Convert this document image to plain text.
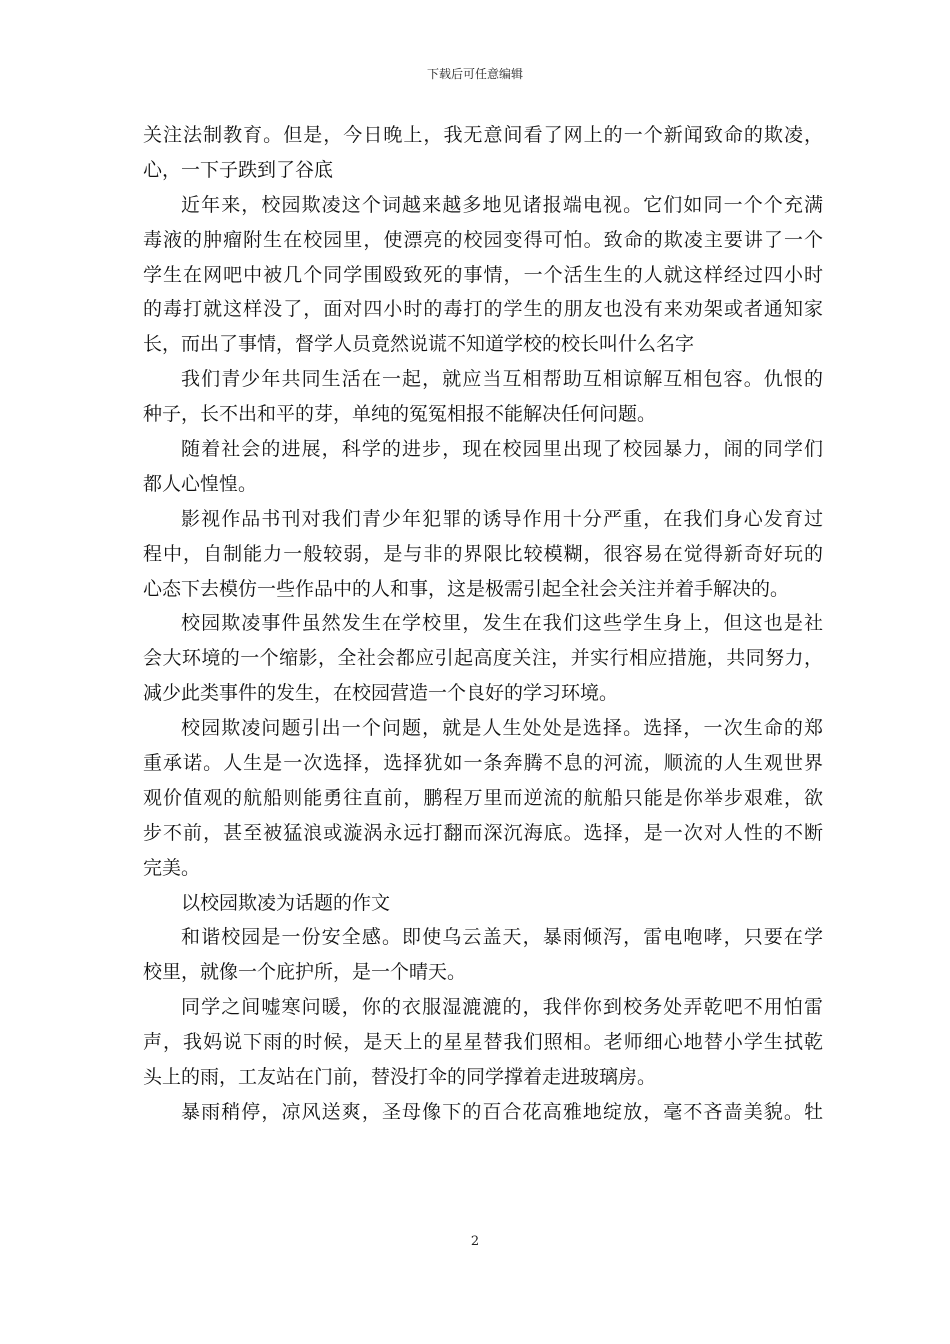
下载后可任意编辑
关注法制教育。但是，今日晚上，我无意间看了网上的一个新闻致命的欺凌，
心，一下子跌到了谷底
近年来，校园欺凌这个词越来越多地见诸报端电视。它们如同一个个充满
毒液的肿瘤附生在校园里，使漂亮的校园变得可怕。致命的欺凌主要讲了一个
学生在网吧中被几个同学围殴致死的事情，一个活生生的人就这样经过四小时
的毒打就这样没了，面对四小时的毒打的学生的朋友也没有来劝架或者通知家
长，而出了事情，督学人员竟然说谎不知道学校的校长叫什么名字
我们青少年共同生活在一起，就应当互相帮助互相谅解互相包容。仇恨的
种子，长不出和平的芽，单纯的冤冤相报不能解决任何问题。
随着社会的进展，科学的进步，现在校园里出现了校园暴力，闹的同学们
都人心惶惶。
影视作品书刊对我们青少年犯罪的诱导作用十分严重，在我们身心发育过
程中，自制能力一般较弱，是与非的界限比较模糊，很容易在觉得新奇好玩的
心态下去模仿一些作品中的人和事，这是极需引起全社会关注并着手解决的。
校园欺凌事件虽然发生在学校里，发生在我们这些学生身上，但这也是社
会大环境的一个缩影，全社会都应引起高度关注，并实行相应措施，共同努力，
减少此类事件的发生，在校园营造一个良好的学习环境。
校园欺凌问题引出一个问题，就是人生处处是选择。选择，一次生命的郑
重承诺。人生是一次选择，选择犹如一条奔腾不息的河流，顺流的人生观世界
观价值观的航船则能勇往直前，鹏程万里而逆流的航船只能是你举步艰难，欲
步不前，甚至被猛浪或漩涡永远打翻而深沉海底。选择，是一次对人性的不断
完美。
以校园欺凌为话题的作文
和谐校园是一份安全感。即使乌云盖天，暴雨倾泻，雷电咆哮，只要在学
校里，就像一个庇护所，是一个晴天。
同学之间嘘寒问暖，你的衣服湿漉漉的，我伴你到校务处弄乾吧不用怕雷
声，我妈说下雨的时候，是天上的星星替我们照相。老师细心地替小学生拭乾
头上的雨，工友站在门前，替没打伞的同学撑着走进玻璃房。
暴雨稍停，凉风送爽，圣母像下的百合花高雅地绽放，毫不吝啬美貌。牡
2
